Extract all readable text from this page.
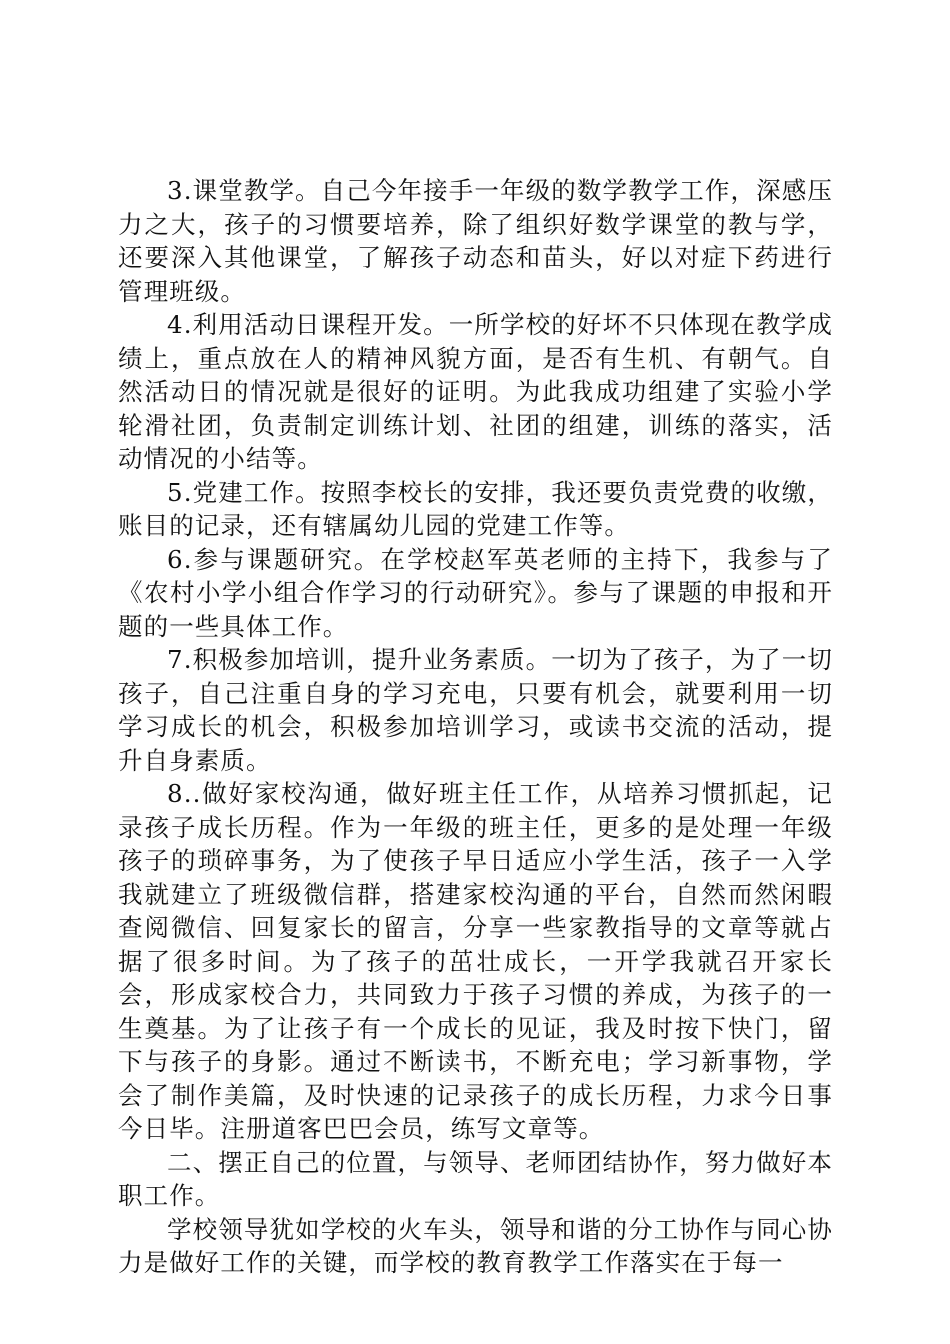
3.课堂教学。自己今年接手一年级的数学教学工作，深感压力之大，孩子的习惯要培养，除了组织好数学课堂的教与学，还要深入其他课堂，了解孩子动态和苗头，好以对症下药进行管理班级。

4.利用活动日课程开发。一所学校的好坏不只体现在教学成绩上，重点放在人的精神风貌方面，是否有生机、有朝气。自然活动日的情况就是很好的证明。为此我成功组建了实验小学轮滑社团，负责制定训练计划、社团的组建，训练的落实，活动情况的小结等。

5.党建工作。按照李校长的安排，我还要负责党费的收缴，账目的记录，还有辖属幼儿园的党建工作等。

6.参与课题研究。在学校赵军英老师的主持下，我参与了《农村小学小组合作学习的行动研究》。参与了课题的申报和开题的一些具体工作。

7.积极参加培训，提升业务素质。一切为了孩子，为了一切孩子，自己注重自身的学习充电，只要有机会，就要利用一切学习成长的机会，积极参加培训学习，或读书交流的活动，提升自身素质。

8..做好家校沟通，做好班主任工作，从培养习惯抓起，记录孩子成长历程。作为一年级的班主任，更多的是处理一年级孩子的琐碎事务，为了使孩子早日适应小学生活，孩子一入学我就建立了班级微信群，搭建家校沟通的平台，自然而然闲暇查阅微信、回复家长的留言，分享一些家教指导的文章等就占据了很多时间。为了孩子的茁壮成长，一开学我就召开家长会，形成家校合力，共同致力于孩子习惯的养成，为孩子的一生奠基。为了让孩子有一个成长的见证，我及时按下快门，留下与孩子的身影。通过不断读书，不断充电；学习新事物，学会了制作美篇，及时快速的记录孩子的成长历程，力求今日事今日毕。注册道客巴巴会员，练写文章等。

二、摆正自己的位置，与领导、老师团结协作，努力做好本职工作。

学校领导犹如学校的火车头，领导和谐的分工协作与同心协力是做好工作的关键，而学校的教育教学工作落实在于每一
